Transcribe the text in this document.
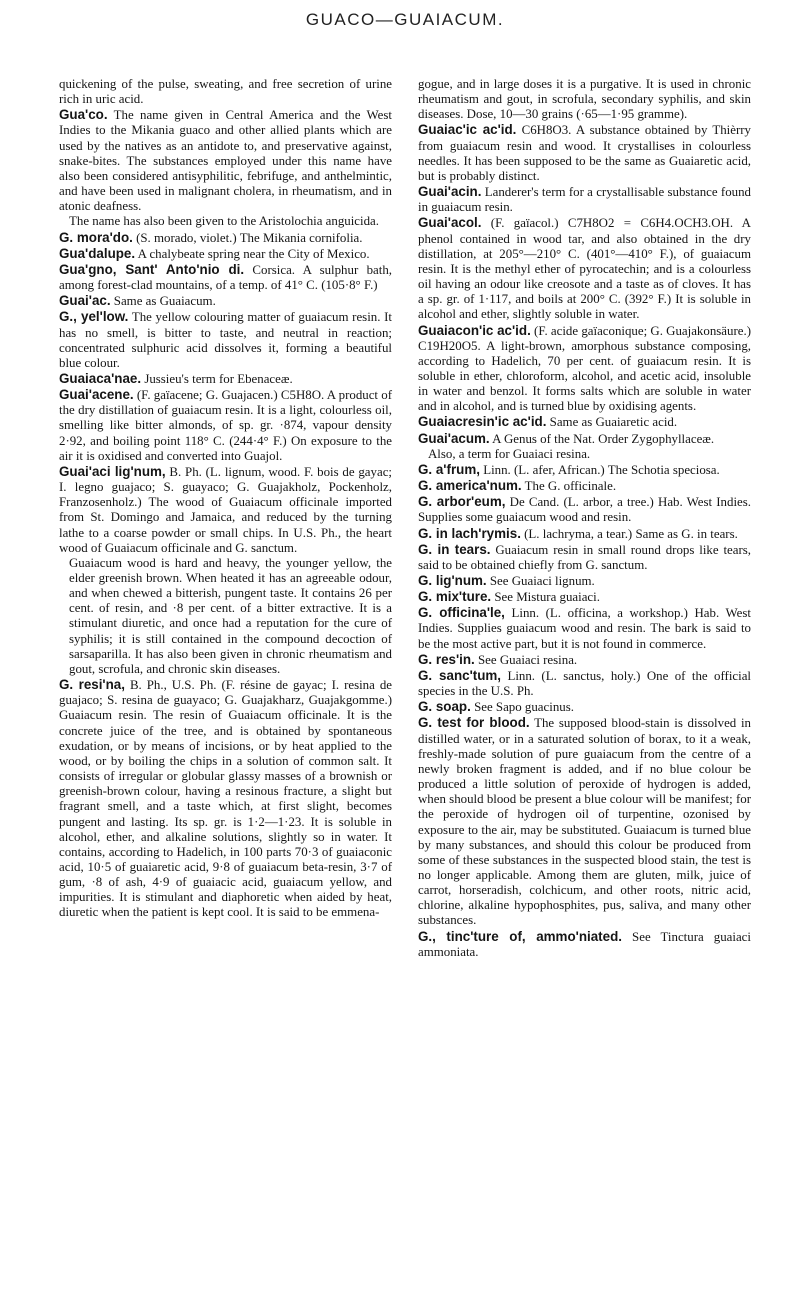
GUACO—GUAIACUM.

quickening of the pulse, sweating, and free secretion of urine rich in uric acid.

Gua'co. The name given in Central America and the West Indies to the Mikania guaco and other allied plants which are used by the natives as an antidote to, and preservative against, snake-bites. The substances employed under this name have also been considered antisyphilitic, febrifuge, and anthelmintic, and have been used in malignant cholera, in rheumatism, and in atonic deafness.

The name has also been given to the Aristolochia anguicida.

G. mora'do. (S. morado, violet.) The Mikania cornifolia.

Gua'dalupe. A chalybeate spring near the City of Mexico.

Gua'gno, Sant' Anto'nio di. Corsica. A sulphur bath, among forest-clad mountains, of a temp. of 41° C. (105·8° F.)

Guai'ac. Same as Guaiacum.

G., yel'low. The yellow colouring matter of guaiacum resin. It has no smell, is bitter to taste, and neutral in reaction; concentrated sulphuric acid dissolves it, forming a beautiful blue colour.

Guaiaca'nae. Jussieu's term for Ebenaceæ.

Guai'acene. (F. gaïacene; G. Guajacen.) C5H8O. A product of the dry distillation of guaiacum resin. It is a light, colourless oil, smelling like bitter almonds, of sp. gr. ·874, vapour density 2·92, and boiling point 118° C. (244·4° F.) On exposure to the air it is oxidised and converted into Guajol.

Guai'aci lig'num, B. Ph. (L. lignum, wood. F. bois de gayac; I. legno guajaco; S. guayaco; G. Guajakholz, Pockenholz, Franzosenholz.) The wood of Guaiacum officinale imported from St. Domingo and Jamaica, and reduced by the turning lathe to a coarse powder or small chips. In U.S. Ph., the heart wood of Guaiacum officinale and G. sanctum.

Guaiacum wood is hard and heavy, the younger yellow, the elder greenish brown. When heated it has an agreeable odour, and when chewed a bitterish, pungent taste. It contains 26 per cent. of resin, and ·8 per cent. of a bitter extractive. It is a stimulant diuretic, and once had a reputation for the cure of syphilis; it is still contained in the compound decoction of sarsaparilla. It has also been given in chronic rheumatism and gout, scrofula, and chronic skin diseases.

G. resi'na, B. Ph., U.S. Ph. (F. résine de gayac; I. resina de guajaco; S. resina de guayaco; G. Guajakharz, Guajakgomme.) Guaiacum resin. The resin of Guaiacum officinale. It is the concrete juice of the tree, and is obtained by spontaneous exudation, or by means of incisions, or by heat applied to the wood, or by boiling the chips in a solution of common salt. It consists of irregular or globular glassy masses of a brownish or greenish-brown colour, having a resinous fracture, a slight but fragrant smell, and a taste which, at first slight, becomes pungent and lasting. Its sp. gr. is 1·2—1·23. It is soluble in alcohol, ether, and alkaline solutions, slightly so in water. It contains, according to Hadelich, in 100 parts 70·3 of guaiaconic acid, 10·5 of guaiaretic acid, 9·8 of guaiacum beta-resin, 3·7 of gum, ·8 of ash, 4·9 of guaiacic acid, guaiacum yellow, and impurities. It is stimulant and diaphoretic when aided by heat, diuretic when the patient is kept cool. It is said to be emmena-

gogue, and in large doses it is a purgative. It is used in chronic rheumatism and gout, in scrofula, secondary syphilis, and skin diseases. Dose, 10—30 grains (·65—1·95 gramme).

Guaiac'ic ac'id. C6H8O3. A substance obtained by Thièrry from guaiacum resin and wood. It crystallises in colourless needles. It has been supposed to be the same as Guaiaretic acid, but is probably distinct.

Guai'acin. Landerer's term for a crystallisable substance found in guaiacum resin.

Guai'acol. (F. gaïacol.) C7H8O2 = C6H4.OCH3.OH. A phenol contained in wood tar, and also obtained in the dry distillation, at 205°—210° C. (401°—410° F.), of guaiacum resin. It is the methyl ether of pyrocatechin; and is a colourless oil having an odour like creosote and a taste as of cloves. It has a sp. gr. of 1·117, and boils at 200° C. (392° F.) It is soluble in alcohol and ether, slightly soluble in water.

Guaiacon'ic ac'id. (F. acide gaïaconique; G. Guajakonsäure.) C19H20O5. A light-brown, amorphous substance composing, according to Hadelich, 70 per cent. of guaiacum resin. It is soluble in ether, chloroform, alcohol, and acetic acid, insoluble in water and benzol. It forms salts which are soluble in water and in alcohol, and is turned blue by oxidising agents.

Guaiacresin'ic ac'id. Same as Guaiaretic acid.

Guai'acum. A Genus of the Nat. Order Zygophyllaceæ.

Also, a term for Guaiaci resina.

G. a'frum, Linn. (L. afer, African.) The Schotia speciosa.

G. america'num. The G. officinale.

G. arbor'eum, De Cand. (L. arbor, a tree.) Hab. West Indies. Supplies some guaiacum wood and resin.

G. in lach'rymis. (L. lachryma, a tear.) Same as G. in tears.

G. in tears. Guaiacum resin in small round drops like tears, said to be obtained chiefly from G. sanctum.

G. lig'num. See Guaiaci lignum.

G. mix'ture. See Mistura guaiaci.

G. officina'le, Linn. (L. officina, a workshop.) Hab. West Indies. Supplies guaiacum wood and resin. The bark is said to be the most active part, but it is not found in commerce.

G. res'in. See Guaiaci resina.

G. sanc'tum, Linn. (L. sanctus, holy.) One of the official species in the U.S. Ph.

G. soap. See Sapo guacinus.

G. test for blood. The supposed blood-stain is dissolved in distilled water, or in a saturated solution of borax, to it a weak, freshly-made solution of pure guaiacum from the centre of a newly broken fragment is added, and if no blue colour be produced a little solution of peroxide of hydrogen is added, when should blood be present a blue colour will be manifest; for the peroxide of hydrogen oil of turpentine, ozonised by exposure to the air, may be substituted. Guaiacum is turned blue by many substances, and should this colour be produced from some of these substances in the suspected blood stain, the test is no longer applicable. Among them are gluten, milk, juice of carrot, horseradish, colchicum, and other roots, nitric acid, chlorine, alkaline hypophosphites, pus, saliva, and many other substances.

G., tinc'ture of, ammo'niated. See Tinctura guaiaci ammoniata.
